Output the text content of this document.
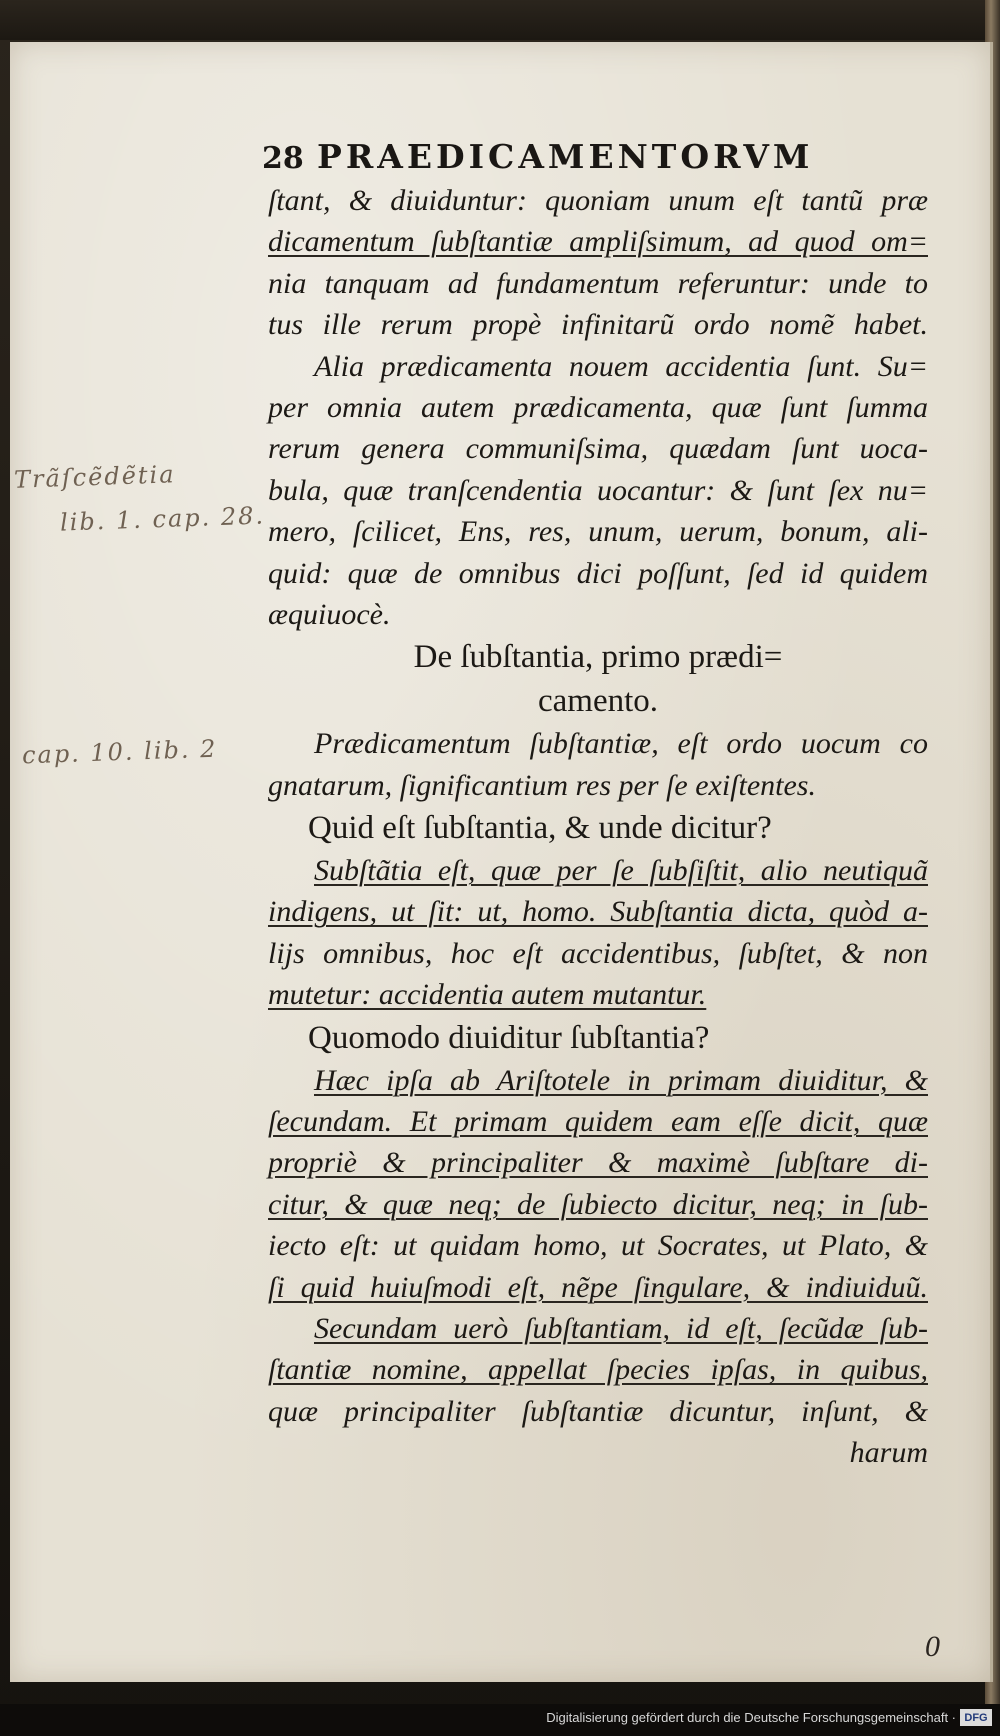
28 PRAEDICAMENTORVM
ſtant, & diuiduntur: quoniam unum eſt tantũ præ
dicamentum ſubſtantiæ ampliſsimum, ad quod om=
nia tanquam ad fundamentum referuntur: unde to
tus ille rerum propè infinitarũ ordo nomẽ habet.
Alia prædicamenta nouem accidentia ſunt. Su=
per omnia autem prædicamenta, quæ ſunt ſumma
rerum genera communiſsima, quædam ſunt uoca-
bula, quæ tranſcendentia uocantur: & ſunt ſex nu=
mero, ſcilicet, Ens, res, unum, uerum, bonum, ali-
quid: quæ de omnibus dici poſſunt, ſed id quidem
æquiuocè.
De ſubſtantia, primo prædi=
camento.
Prædicamentum ſubſtantiæ, eſt ordo uocum co
gnatarum, ſignificantium res per ſe exiſtentes.
Quid eſt ſubſtantia, & unde dicitur?
Subſtãtia eſt, quæ per ſe ſubſiſtit, alio neutiquã
indigens, ut ſit: ut, homo. Subſtantia dicta, quòd a-
lijs omnibus, hoc eſt accidentibus, ſubſtet, & non
mutetur: accidentia autem mutantur.
Quomodo diuiditur ſubſtantia?
Hæc ipſa ab Ariſtotele in primam diuiditur, &
ſecundam. Et primam quidem eam eſſe dicit, quæ
propriè & principaliter & maximè ſubſtare di-
citur, & quæ neq; de ſubiecto dicitur, neq; in ſub-
iecto eſt: ut quidam homo, ut Socrates, ut Plato, &
ſi quid huiuſmodi eſt, nẽpe ſingulare, & indiuiduũ.
Secundam uerò ſubſtantiam, id eſt, ſecũdæ ſub-
ſtantiæ nomine, appellat ſpecies ipſas, in quibus,
quæ principaliter ſubſtantiæ dicuntur, inſunt, &
harum
Trãſcẽdẽtia
lib. 1. cap. 28.
cap. 10. lib. 2
0
Digitalisierung gefördert durch die Deutsche Forschungsgemeinschaft · DFG
